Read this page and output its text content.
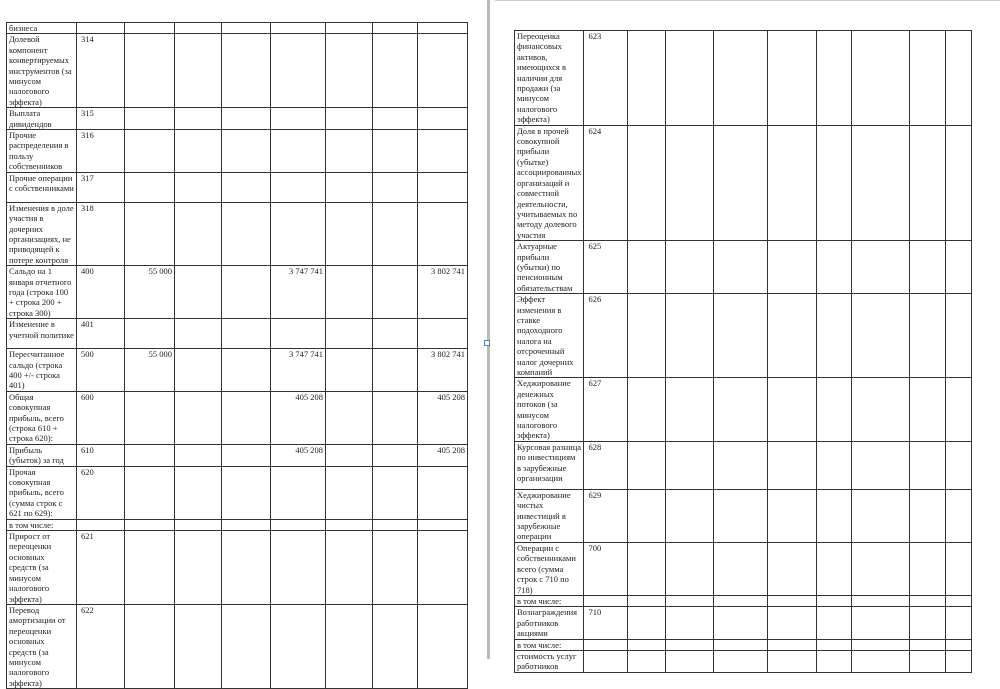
бизнеса								
Долевой компонент конвертируемых инструментов (за минусом налогового эффекта)	314							
Выплата дивидендов	315							
Прочие распределения в пользу собственников	316							
Прочие операции с собственниками	317							
Изменения в доле участия в дочерних организациях, не приводящей к потере контроля	318							
Сальдо на 1 января отчетного года (строка 100 + строка 200 + строка 300)	400	55 000			3 747 741			3 802 741
Изменение в учетной политике	401							
Пересчитанное сальдо (строка 400 +/- строка 401)	500	55 000			3 747 741			3 802 741
Общая совокупная прибыль, всего (строка 610 + строка 620):	600				405 208			405 208
Прибыль (убыток) за год	610				405 208			405 208
Прочая совокупная прибыль, всего (сумма строк с 621 по 629):	620							
в том числе:								
Прирост от переоценки основных средств (за минусом налогового эффекта)	621							
Перевод амортизации от переоценки основных средств (за минусом налогового эффекта)	622							
Переоценка финансовых активов, имеющихся в наличии для продажи (за минусом налогового эффекта)	623								
Доля в прочей совокупной прибыли (убытке) ассоциированных организаций и совместной деятельности, учитываемых по методу долевого участия	624								
Актуарные прибыли (убытки) по пенсионным обязательствам	625								
Эффект изменения в ставке подоходного налога на отсроченный налог дочерних компаний	626								
Хеджирование денежных потоков (за минусом налогового эффекта)	627								
Курсовая разница по инвестициям в зарубежные организации	628								
Хеджирование чистых инвестиций в зарубежные операции	629								
Операции с собственниками всего (сумма строк с 710 по 718)	700								
в том числе:									
Вознаграждения работников акциями	710								
в том числе:									
стоимость услуг работников									
